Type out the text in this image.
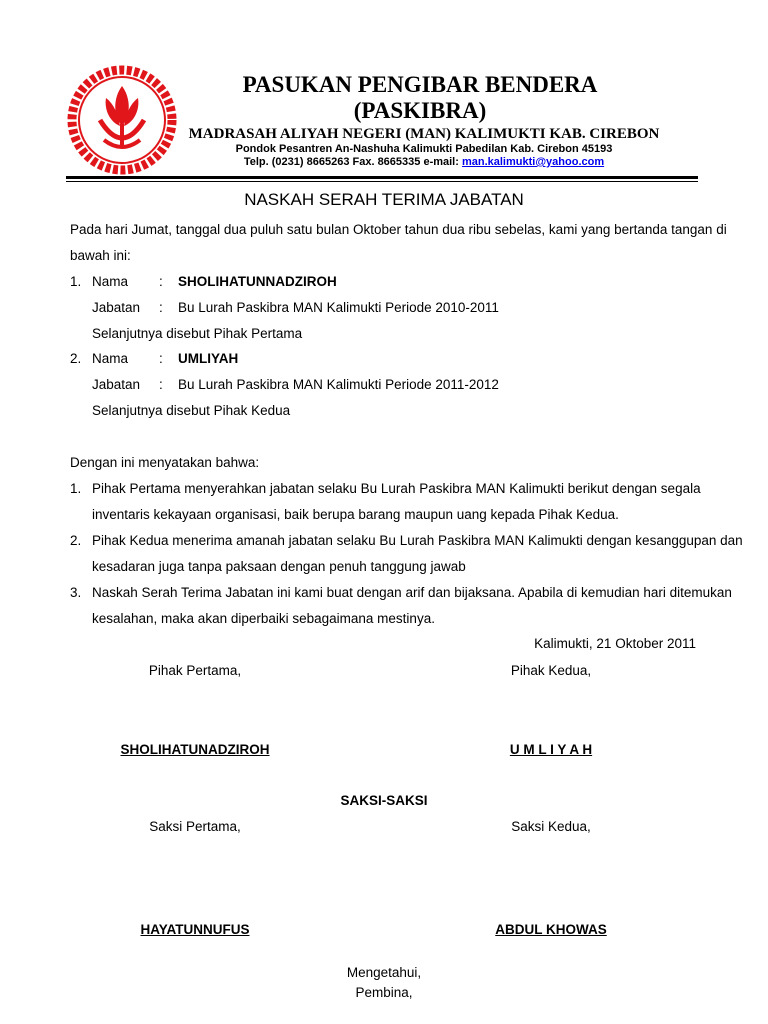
PASUKAN PENGIBAR BENDERA
(PASKIBRA)
MADRASAH ALIYAH NEGERI (MAN) KALIMUKTI KAB. CIREBON
Pondok Pesantren An-Nashuha Kalimukti Pabedilan Kab. Cirebon 45193
Telp. (0231) 8665263 Fax. 8665335 e-mail: man.kalimukti@yahoo.com
NASKAH SERAH TERIMA JABATAN
Pada hari Jumat, tanggal dua puluh satu bulan Oktober tahun dua ribu sebelas, kami yang bertanda tangan di
bawah ini:
1. Nama : SHOLIHATUNNADZIROH
Jabatan : Bu Lurah Paskibra MAN Kalimukti Periode 2010-2011
Selanjutnya disebut Pihak Pertama
2. Nama : UMLIYAH
Jabatan : Bu Lurah Paskibra MAN Kalimukti Periode 2011-2012
Selanjutnya disebut Pihak Kedua
Dengan ini menyatakan bahwa:
1. Pihak Pertama menyerahkan jabatan selaku Bu Lurah Paskibra MAN Kalimukti berikut dengan segala
inventaris kekayaan organisasi, baik berupa barang maupun uang kepada Pihak Kedua.
2. Pihak Kedua menerima amanah jabatan selaku Bu Lurah Paskibra MAN Kalimukti dengan kesanggupan dan
kesadaran juga tanpa paksaan dengan penuh tanggung jawab
3. Naskah Serah Terima Jabatan ini kami buat dengan arif dan bijaksana. Apabila di kemudian hari ditemukan
kesalahan, maka akan diperbaiki sebagaimana mestinya.
Kalimukti, 21 Oktober 2011
Pihak Pertama,	Pihak Kedua,
SHOLIHATUNADZIROH	U M L I Y A H
SAKSI-SAKSI
Saksi Pertama,	Saksi Kedua,
HAYATUNNUFUS	ABDUL KHOWAS
Mengetahui,
Pembina,
